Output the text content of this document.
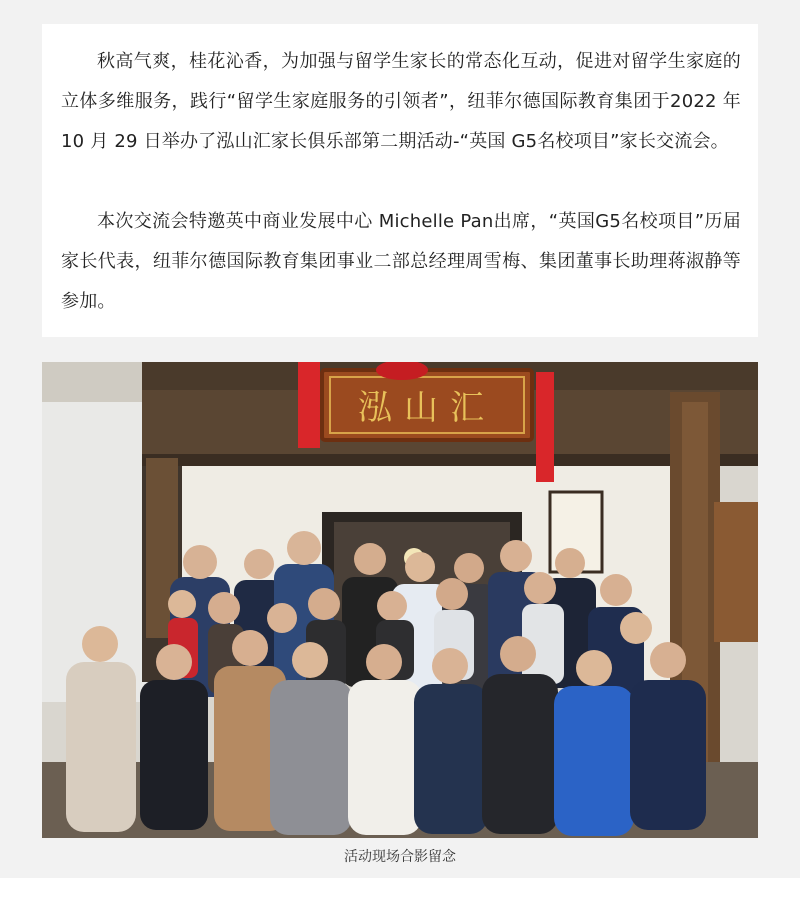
秋高气爽，桂花沁香，为加强与留学生家长的常态化互动，促进对留学生家庭的立体多维服务，践行“留学生家庭服务的引领者”，纽菲尔德国际教育集团于2022 年 10 月 29 日举办了泓山汇家长俱乐部第二期活动-“英国 G5名校项目”家长交流会。

本次交流会特邀英中商业发展中心 Michelle Pan出席，“英国G5名校项目”历届家长代表，纽菲尔德国际教育集团事业二部总经理周雪梅、集团董事长助理蒋淑静等参加。

泓山汇
活动现场合影留念
